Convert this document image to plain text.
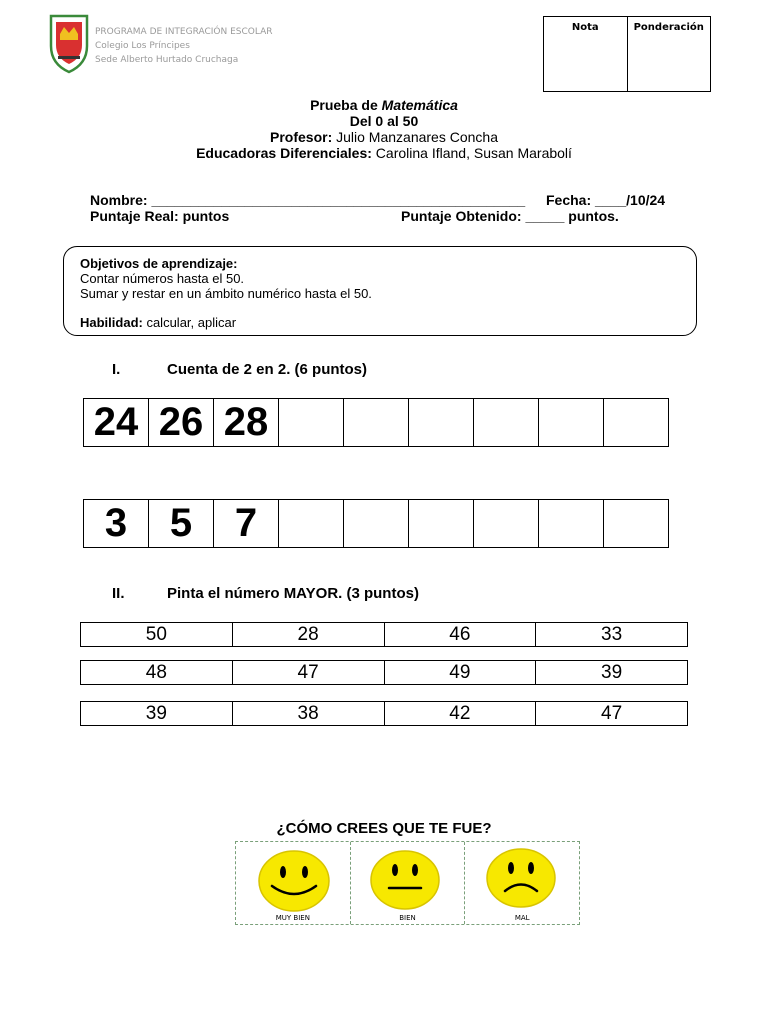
PROGRAMA DE INTEGRACIÓN ESCOLAR
Colegio Los Príncipes
Sede Alberto Hurtado Cruchaga
Nota	Ponderación
Prueba de Matemática
Del 0 al 50
Profesor: Julio Manzanares Concha
Educadoras Diferenciales: Carolina Ifland, Susan Marabolí
Nombre: ________________________________________________ Fecha: ____/10/24
Puntaje Real: puntos	Puntaje Obtenido: _____ puntos.
Objetivos de aprendizaje:
Contar números hasta el 50.
Sumar y restar en un ámbito numérico hasta el 50.
Habilidad: calcular, aplicar
I.	Cuenta de 2 en 2. (6 puntos)
24	26	28						
3	5	7						
II.	Pinta el número MAYOR. (3 puntos)
50	28	46	33
48	47	49	39
39	38	42	47
¿CÓMO CREES QUE TE FUE?
MUY BIEN	BIEN	MAL
